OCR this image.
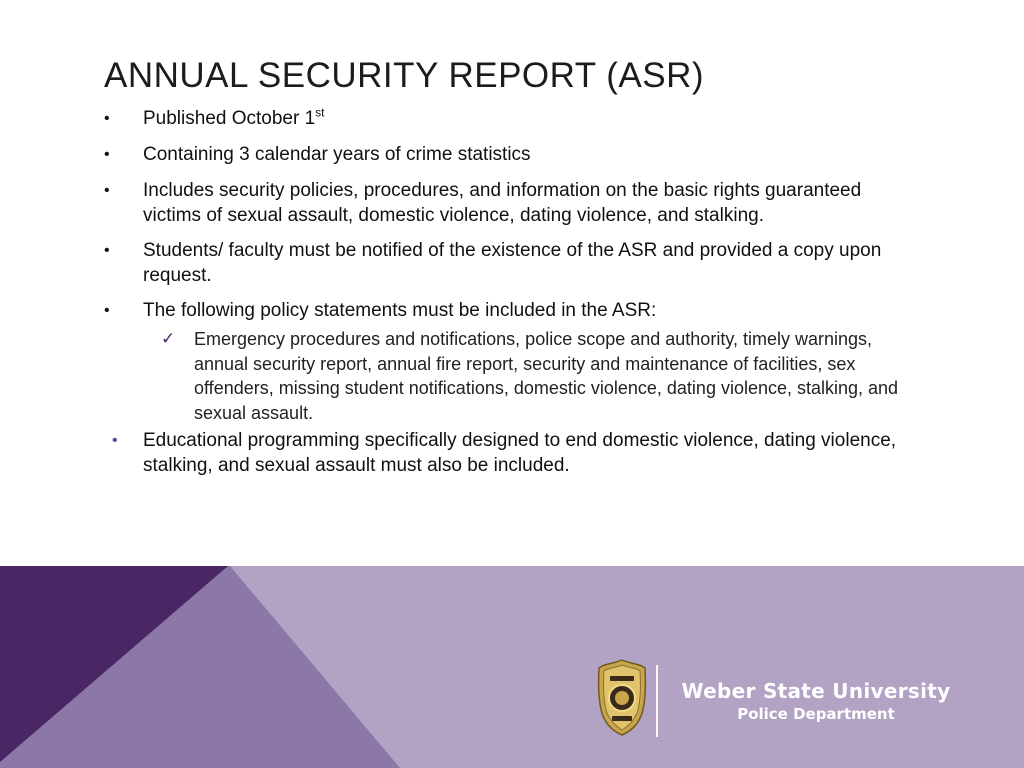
ANNUAL SECURITY REPORT (ASR)
• Published October 1st
• Containing 3 calendar years of crime statistics
• Includes security policies, procedures, and information on the basic rights guaranteed victims of sexual assault, domestic violence, dating violence, and stalking.
• Students/ faculty must be notified of the existence of the ASR and provided a copy upon request.
• The following policy statements must be included in the ASR:
✓ Emergency procedures and notifications, police scope and authority, timely warnings, annual security report, annual fire report, security and maintenance of facilities, sex offenders, missing student notifications, domestic violence, dating violence, stalking, and sexual assault.
• Educational programming specifically designed to end domestic violence, dating violence, stalking, and sexual assault must also be included.
Weber State University
Police Department
